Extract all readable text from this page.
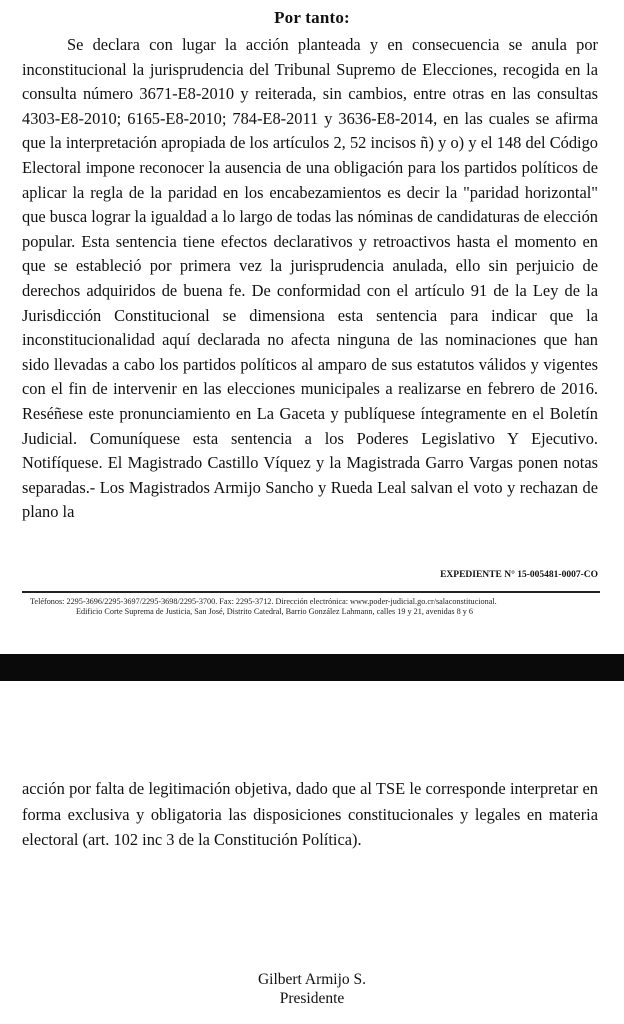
Por tanto:

Se declara con lugar la acción planteada y en consecuencia se anula por inconstitucional la jurisprudencia del Tribunal Supremo de Elecciones, recogida en la consulta número 3671-E8-2010 y reiterada, sin cambios, entre otras en las consultas 4303-E8-2010; 6165-E8-2010; 784-E8-2011 y 3636-E8-2014, en las cuales se afirma que la interpretación apropiada de los artículos 2, 52 incisos ñ) y o) y el 148 del Código Electoral impone reconocer la ausencia de una obligación para los partidos políticos de aplicar la regla de la paridad en los encabezamientos es decir la "paridad horizontal" que busca lograr la igualdad a lo largo de todas las nóminas de candidaturas de elección popular. Esta sentencia tiene efectos declarativos y retroactivos hasta el momento en que se estableció por primera vez la jurisprudencia anulada, ello sin perjuicio de derechos adquiridos de buena fe. De conformidad con el artículo 91 de la Ley de la Jurisdicción Constitucional se dimensiona esta sentencia para indicar que la inconstitucionalidad aquí declarada no afecta ninguna de las nominaciones que han sido llevadas a cabo los partidos políticos al amparo de sus estatutos válidos y vigentes con el fin de intervenir en las elecciones municipales a realizarse en febrero de 2016. Reséñese este pronunciamiento en La Gaceta y publíquese íntegramente en el Boletín Judicial. Comuníquese esta sentencia a los Poderes Legislativo Y Ejecutivo. Notifíquese. El Magistrado Castillo Víquez y la Magistrada Garro Vargas ponen notas separadas.- Los Magistrados Armijo Sancho y Rueda Leal salvan el voto y rechazan de plano la

EXPEDIENTE N° 15-005481-0007-CO
Teléfonos: 2295-3696/2295-3697/2295-3698/2295-3700. Fax: 2295-3712. Dirección electrónica: www.poder-judicial.go.cr/salaconstitucional.
Edificio Corte Suprema de Justicia, San José, Distrito Catedral, Barrio González Lahmann, calles 19 y 21, avenidas 8 y 6

acción por falta de legitimación objetiva, dado que al TSE le corresponde interpretar en forma exclusiva y obligatoria las disposiciones constitucionales y legales en materia electoral (art. 102 inc 3 de la Constitución Política).

Gilbert Armijo S.
Presidente
